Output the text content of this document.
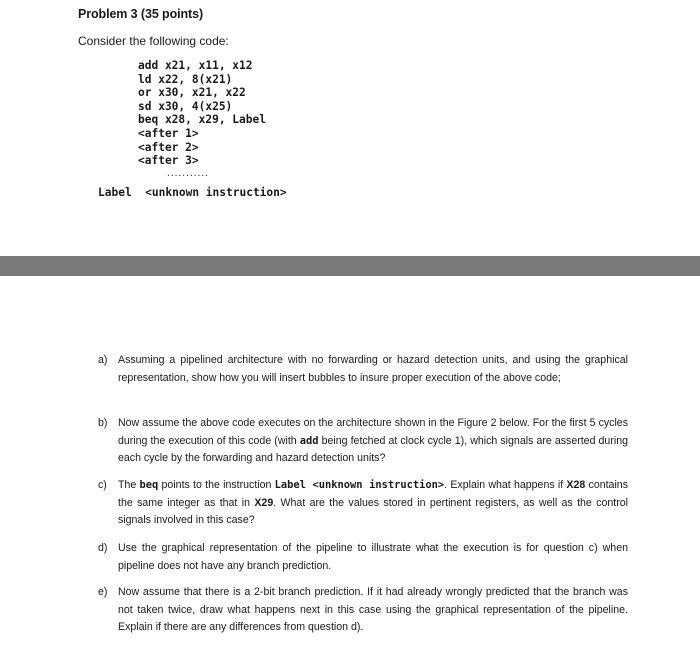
Problem 3 (35 points)
Consider the following code:
add x21, x11, x12
ld x22, 8(x21)
or x30, x21, x22
sd x30, 4(x25)
beq x28, x29, Label
<after 1>
<after 2>
<after 3>
...........
Label <unknown instruction>
a) Assuming a pipelined architecture with no forwarding or hazard detection units, and using the graphical representation, show how you will insert bubbles to insure proper execution of the above code;
b) Now assume the above code executes on the architecture shown in the Figure 2 below. For the first 5 cycles during the execution of this code (with add being fetched at clock cycle 1), which signals are asserted during each cycle by the forwarding and hazard detection units?
c) The beq points to the instruction Label <unknown instruction>. Explain what happens if X28 contains the same integer as that in X29. What are the values stored in pertinent registers, as well as the control signals involved in this case?
d) Use the graphical representation of the pipeline to illustrate what the execution is for question c) when pipeline does not have any branch prediction.
e) Now assume that there is a 2-bit branch prediction. If it had already wrongly predicted that the branch was not taken twice, draw what happens next in this case using the graphical representation of the pipeline. Explain if there are any differences from question d).
